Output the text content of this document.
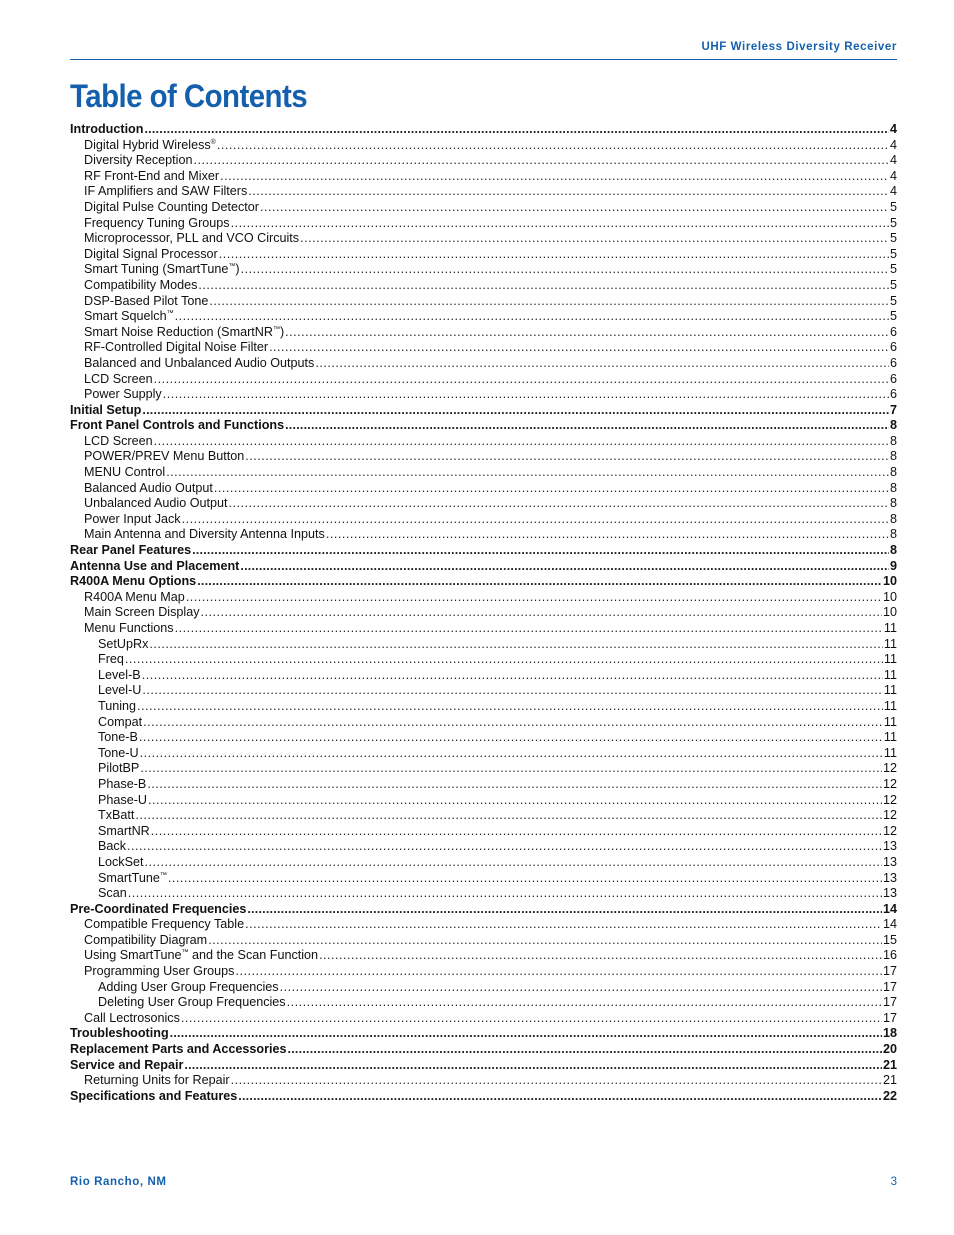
UHF Wireless Diversity Receiver
Table of Contents
Introduction .....	4
Digital Hybrid Wireless® .....	4
Diversity Reception .....	4
RF Front-End and Mixer .....	4
IF Amplifiers and SAW Filters .....	4
Digital Pulse Counting Detector .....	5
Frequency Tuning Groups .....	5
Microprocessor, PLL and VCO Circuits .....	5
Digital Signal Processor .....	5
Smart Tuning (SmartTune™) .....	5
Compatibility Modes .....	5
DSP-Based Pilot Tone .....	5
Smart Squelch™ .....	5
Smart Noise Reduction (SmartNR™) .....	6
RF-Controlled Digital Noise Filter .....	6
Balanced and Unbalanced Audio Outputs .....	6
LCD Screen .....	6
Power Supply .....	6
Initial Setup .....	7
Front Panel Controls and Functions .....	8
LCD Screen .....	8
POWER/PREV Menu Button .....	8
MENU Control .....	8
Balanced Audio Output .....	8
Unbalanced Audio Output .....	8
Power Input Jack .....	8
Main Antenna and Diversity Antenna Inputs .....	8
Rear Panel Features .....	8
Antenna Use and Placement .....	9
R400A Menu Options .....	10
R400A Menu Map .....	10
Main Screen Display .....	10
Menu Functions .....	11
SetUpRx .....	11
Freq .....	11
Level-B .....	11
Level-U .....	11
Tuning .....	11
Compat .....	11
Tone-B .....	11
Tone-U .....	11
PilotBP .....	12
Phase-B .....	12
Phase-U .....	12
TxBatt .....	12
SmartNR .....	12
Back .....	13
LockSet .....	13
SmartTune™ .....	13
Scan .....	13
Pre-Coordinated Frequencies .....	14
Compatible Frequency Table .....	14
Compatibility Diagram .....	15
Using SmartTune™ and the Scan Function .....	16
Programming User Groups .....	17
Adding User Group Frequencies .....	17
Deleting User Group Frequencies .....	17
Call Lectrosonics .....	17
Troubleshooting .....	18
Replacement Parts and Accessories .....	20
Service and Repair .....	21
Returning Units for Repair .....	21
Specifications and Features .....	22
Rio Rancho, NM	3
